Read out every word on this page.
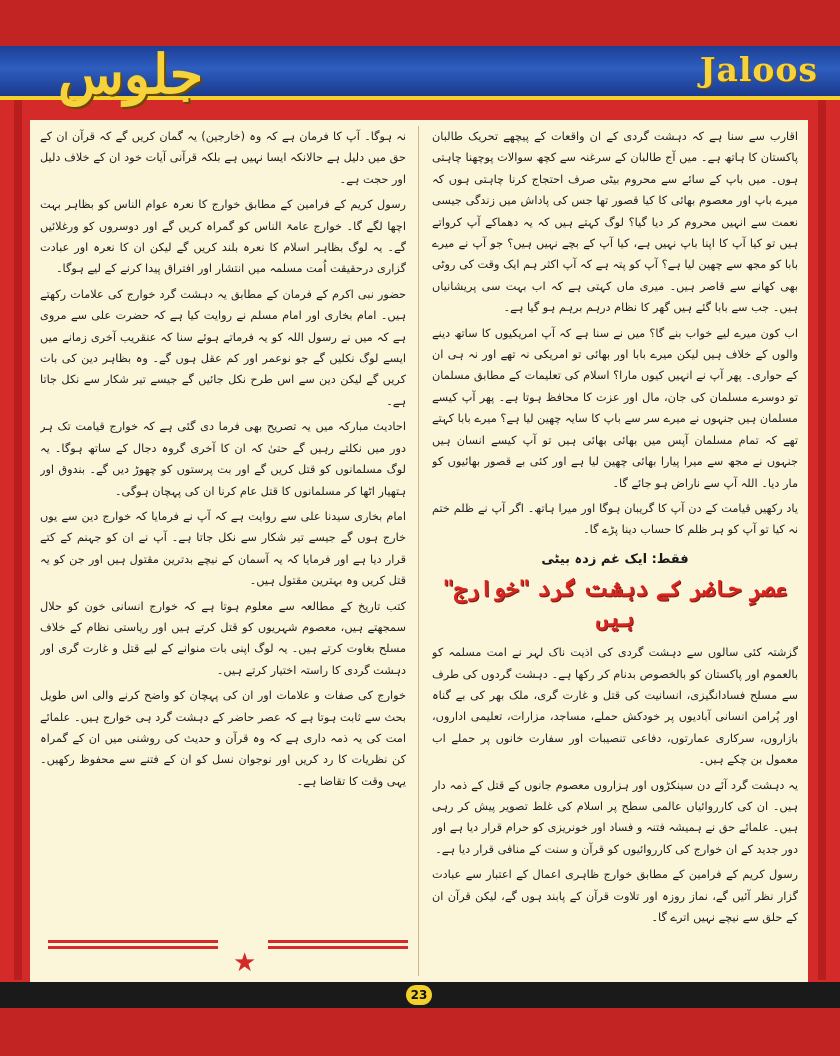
جلوس	Jaloos

اقارب سے سنا ہے کہ دہشت گردی کے ان واقعات کے پیچھے تحریک طالبان پاکستان کا ہاتھ ہے۔ میں آج طالبان کے سرغنہ سے کچھ سوالات پوچھنا چاہتی ہوں۔ میں باپ کے سائے سے محروم بیٹی صرف احتجاج کرنا چاہتی ہوں کہ میرے باپ اور معصوم بھائی کا کیا قصور تھا جس کی پاداش میں زندگی جیسی نعمت سے انہیں محروم کر دیا گیا؟ لوگ کہتے ہیں کہ یہ دھماکے آپ کرواتے ہیں تو کیا آپ کا اپنا باپ نہیں ہے، کیا آپ کے بچے نہیں ہیں؟ جو آپ نے میرے بابا کو مجھ سے چھین لیا ہے؟ آپ کو پتہ ہے کہ آپ اکثر ہم ایک وقت کی روٹی بھی کھانے سے قاصر ہیں۔ میری ماں کہتی ہے کہ اب بہت سی پریشانیاں ہیں۔ جب سے بابا گئے ہیں گھر کا نظام درہم برہم ہو گیا ہے۔

اب کون میرے لیے خواب بنے گا؟ میں نے سنا ہے کہ آپ امریکیوں کا ساتھ دینے والوں کے خلاف ہیں لیکن میرے بابا اور بھائی تو امریکی نہ تھے اور نہ ہی ان کے حواری۔ پھر آپ نے انہیں کیوں مارا؟ اسلام کی تعلیمات کے مطابق مسلمان تو دوسرے مسلمان کی جان، مال اور عزت کا محافظ ہوتا ہے۔ پھر آپ کیسے مسلمان ہیں جنہوں نے میرے سر سے باپ کا سایہ چھین لیا ہے؟ میرے بابا کہتے تھے کہ تمام مسلمان آپس میں بھائی بھائی ہیں تو آپ کیسے انسان ہیں جنہوں نے مجھ سے میرا پیارا بھائی چھین لیا ہے اور کئی بے قصور بھائیوں کو مار دیا۔ اللہ آپ سے ناراض ہو جائے گا۔

یاد رکھیں قیامت کے دن آپ کا گریبان ہوگا اور میرا ہاتھ۔ اگر آپ نے ظلم ختم نہ کیا تو آپ کو ہر ظلم کا حساب دینا پڑے گا۔

فقط: ایک غم زدہ بیٹی
عصرِ حاضر کے دہشت گرد "خوارج" ہیں

گزشتہ کئی سالوں سے دہشت گردی کی اذیت ناک لہر نے امت مسلمہ کو بالعموم اور پاکستان کو بالخصوص بدنام کر رکھا ہے۔ دہشت گردوں کی طرف سے مسلح فسادانگیزی، انسانیت کی قتل و غارت گری، ملک بھر کی بے گناہ اور پُرامن انسانی آبادیوں پر خودکش حملے، مساجد، مزارات، تعلیمی اداروں، بازاروں، سرکاری عمارتوں، دفاعی تنصیبات اور سفارت خانوں پر حملے اب معمول بن چکے ہیں۔

یہ دہشت گرد آئے دن سینکڑوں اور ہزاروں معصوم جانوں کے قتل کے ذمہ دار ہیں۔ ان کی کارروائیاں عالمی سطح پر اسلام کی غلط تصویر پیش کر رہی ہیں۔ علمائے حق نے ہمیشہ فتنہ و فساد اور خونریزی کو حرام قرار دیا ہے اور دور جدید کے ان خوارج کی کارروائیوں کو قرآن و سنت کے منافی قرار دیا ہے۔

رسول کریم کے فرامین کے مطابق خوارج ظاہری اعمال کے اعتبار سے عبادت گزار نظر آئیں گے، نماز روزہ اور تلاوت قرآن کے پابند ہوں گے، لیکن قرآن ان کے حلق سے نیچے نہیں اترے گا۔

نہ ہوگا۔ آپ کا فرمان ہے کہ وہ (خارجین) یہ گمان کریں گے کہ قرآن ان کے حق میں دلیل ہے حالانکہ ایسا نہیں ہے بلکہ قرآنی آیات خود ان کے خلاف دلیل اور حجت ہے۔

رسول کریم کے فرامین کے مطابق خوارج کا نعرہ عوام الناس کو بظاہر بہت اچھا لگے گا۔ خوارج عامۃ الناس کو گمراہ کریں گے اور دوسروں کو ورغلائیں گے۔ یہ لوگ بظاہر اسلام کا نعرہ بلند کریں گے لیکن ان کا نعرہ اور عبادت گزاری درحقیقت اُمت مسلمہ میں انتشار اور افتراق پیدا کرنے کے لیے ہوگا۔

حضور نبی اکرم کے فرمان کے مطابق یہ دہشت گرد خوارج کی علامات رکھتے ہیں۔ امام بخاری اور امام مسلم نے روایت کیا ہے کہ حضرت علی سے مروی ہے کہ میں نے رسول اللہ کو یہ فرماتے ہوئے سنا کہ عنقریب آخری زمانے میں ایسے لوگ نکلیں گے جو نوعمر اور کم عقل ہوں گے۔ وہ بظاہر دین کی بات کریں گے لیکن دین سے اس طرح نکل جائیں گے جیسے تیر شکار سے نکل جاتا ہے۔

احادیث مبارکہ میں یہ تصریح بھی فرما دی گئی ہے کہ خوارج قیامت تک ہر دور میں نکلتے رہیں گے حتیٰ کہ ان کا آخری گروہ دجال کے ساتھ ہوگا۔ یہ لوگ مسلمانوں کو قتل کریں گے اور بت پرستوں کو چھوڑ دیں گے۔ بندوق اور ہتھیار اٹھا کر مسلمانوں کا قتل عام کرنا ان کی پہچان ہوگی۔

امام بخاری سیدنا علی سے روایت ہے کہ آپ نے فرمایا کہ خوارج دین سے یوں خارج ہوں گے جیسے تیر شکار سے نکل جاتا ہے۔ آپ نے ان کو جہنم کے کتے قرار دیا ہے اور فرمایا کہ یہ آسمان کے نیچے بدترین مقتول ہیں اور جن کو یہ قتل کریں وہ بہترین مقتول ہیں۔

کتب تاریخ کے مطالعہ سے معلوم ہوتا ہے کہ خوارج انسانی خون کو حلال سمجھتے ہیں، معصوم شہریوں کو قتل کرتے ہیں اور ریاستی نظام کے خلاف مسلح بغاوت کرتے ہیں۔ یہ لوگ اپنی بات منوانے کے لیے قتل و غارت گری اور دہشت گردی کا راستہ اختیار کرتے ہیں۔

خوارج کی صفات و علامات اور ان کی پہچان کو واضح کرنے والی اس طویل بحث سے ثابت ہوتا ہے کہ عصر حاضر کے دہشت گرد ہی خوارج ہیں۔ علمائے امت کی یہ ذمہ داری ہے کہ وہ قرآن و حدیث کی روشنی میں ان کے گمراہ کن نظریات کا رد کریں اور نوجوان نسل کو ان کے فتنے سے محفوظ رکھیں۔ یہی وقت کا تقاضا ہے۔

★
23
